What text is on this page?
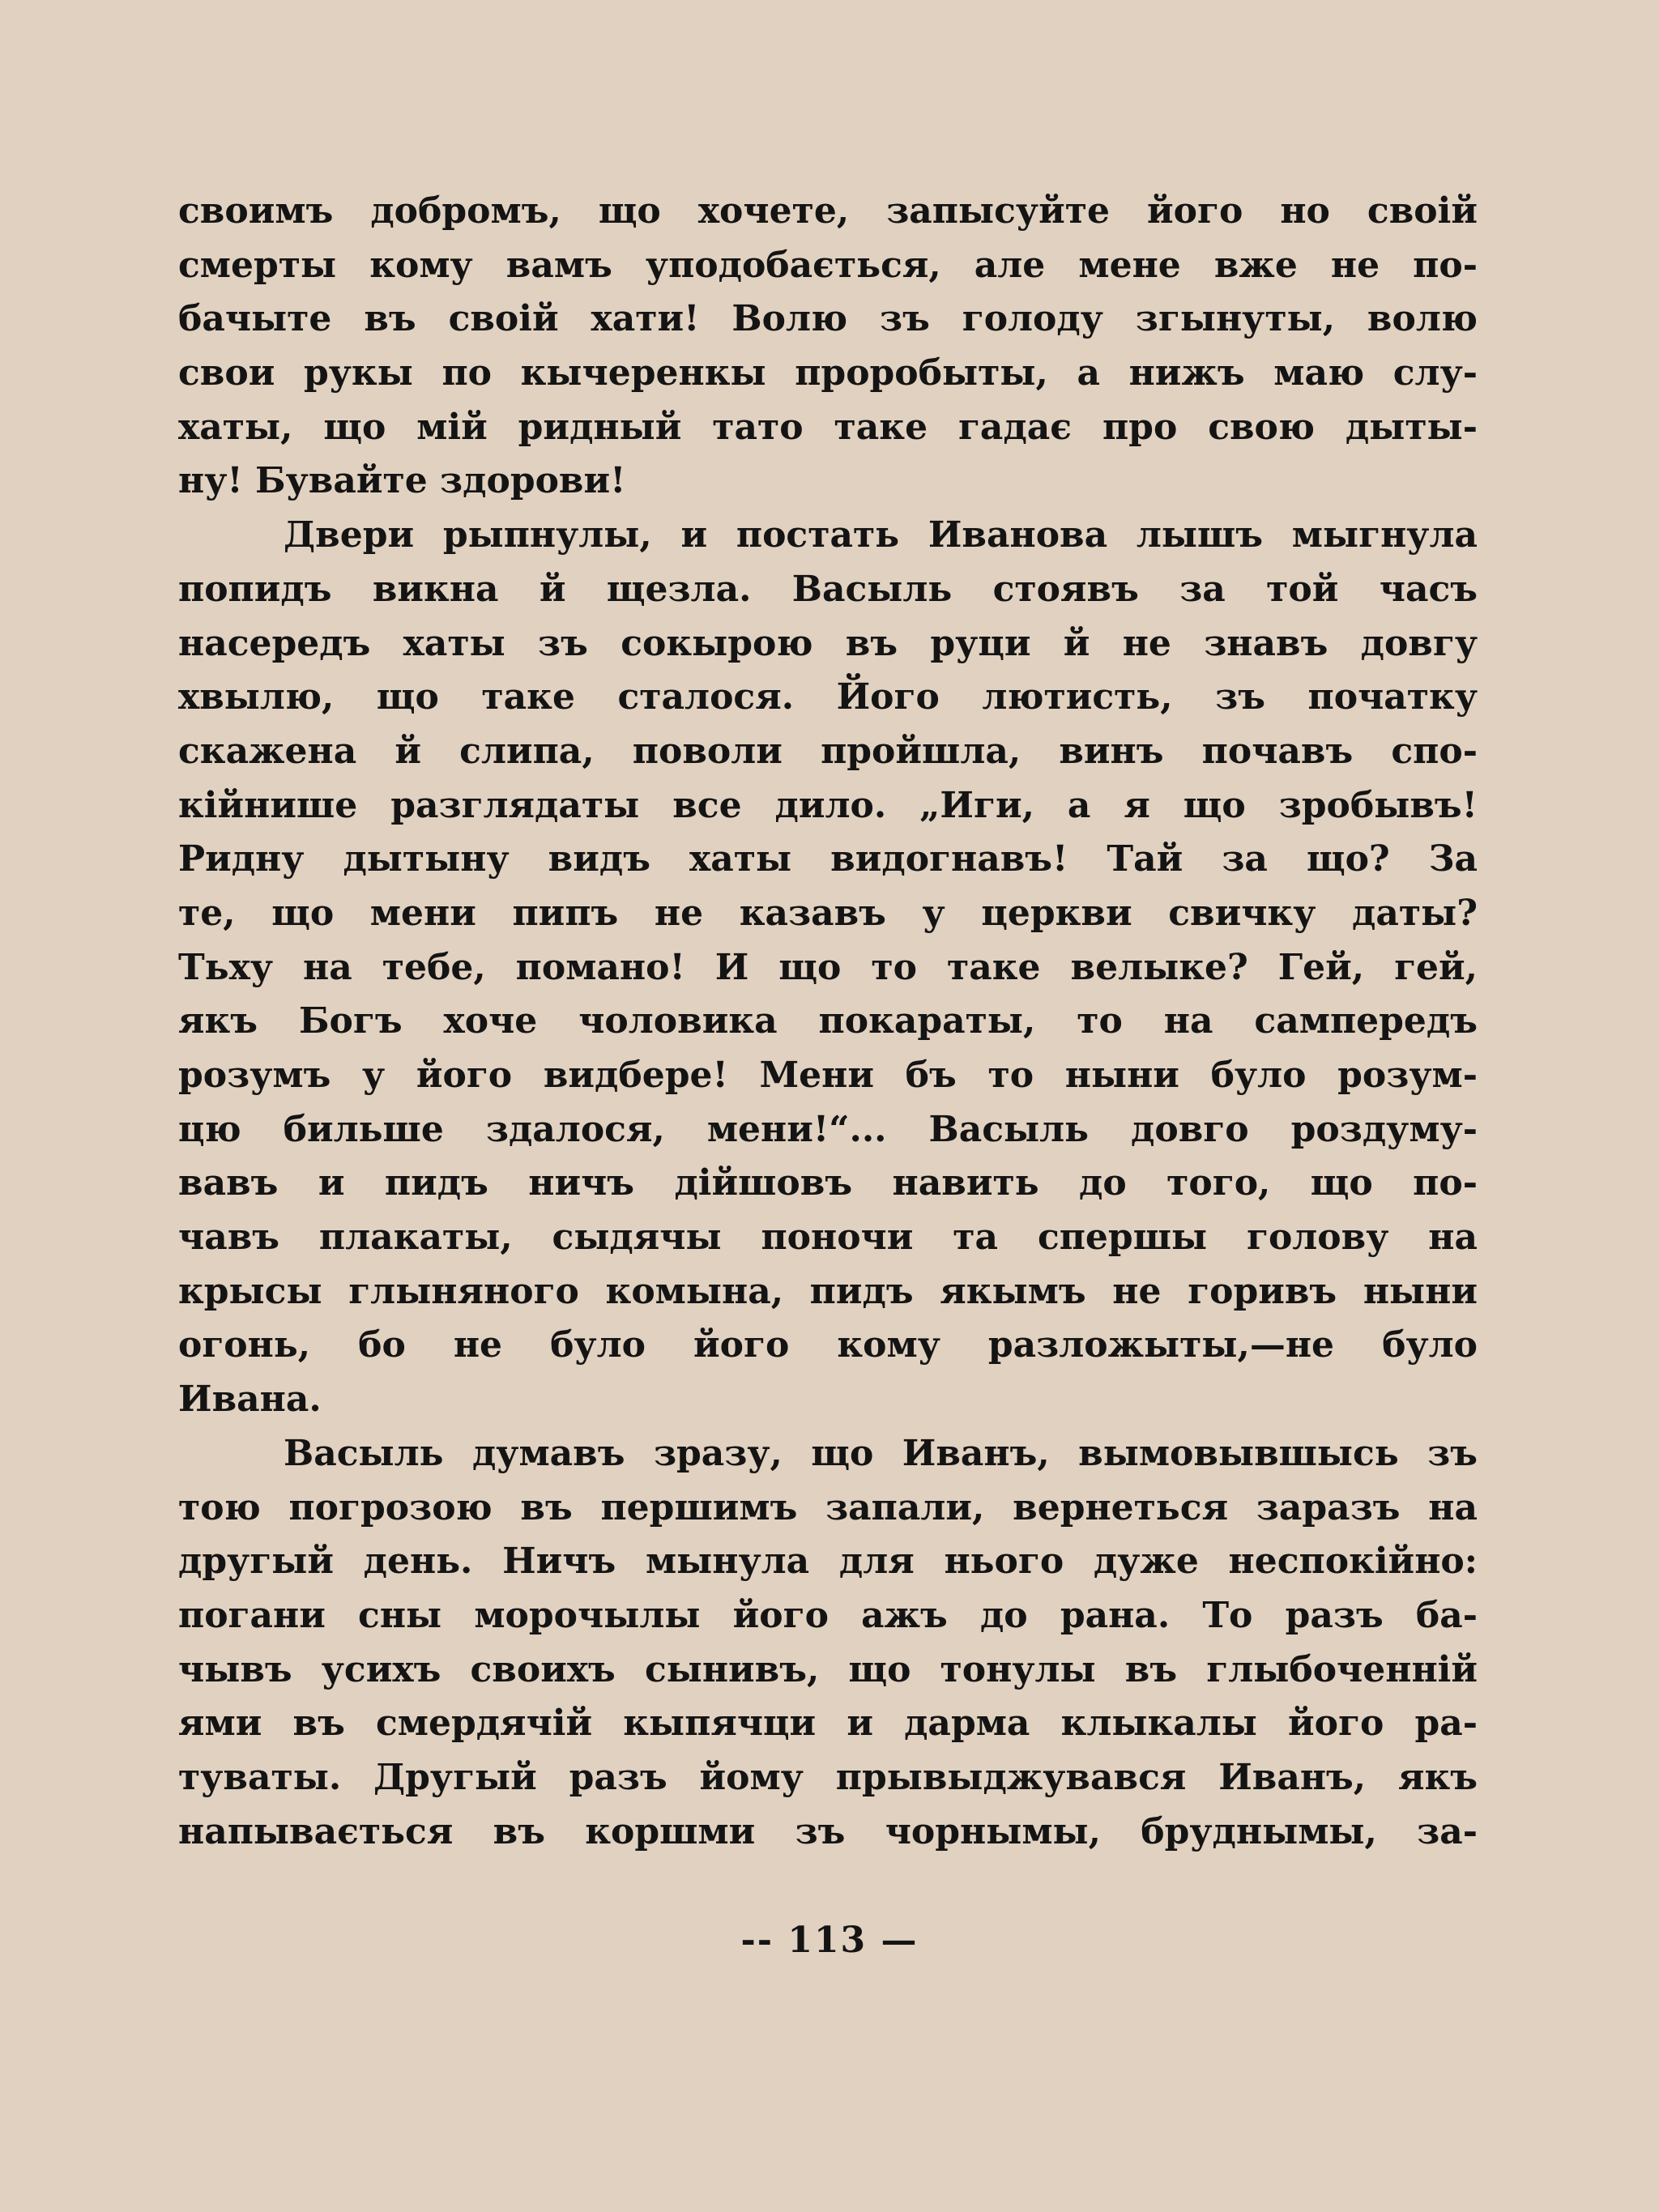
своимъ добромъ, що хочете, запысуйте його но своій
смерты кому вамъ уподобається, але мене вже не по-
бачыте въ своій хати! Волю зъ голоду згынуты, волю
свои рукы по кычеренкы проробыты, а нижъ маю слу-
хаты, що мій ридный тато таке гадає про свою дыты-
ну! Бувайте здорови!
Двери рыпнулы, и постать Иванова лышъ мыгнула
попидъ викна й щезла. Васыль стоявъ за той часъ
насередъ хаты зъ сокырою въ руци й не знавъ довгу
хвылю, що таке сталося. Його лютисть, зъ початку
скажена й слипа, поволи пройшла, винъ почавъ спо-
кійнише разглядаты все дило. „Иги, а я що зробывъ!
Ридну дытыну видъ хаты видогнавъ! Тай за що? За
те, що мени пипъ не казавъ у церкви свичку даты?
Тьху на тебе, помано! И що то таке велыке? Гей, гей,
якъ Богъ хоче чоловика покараты, то на самперeдъ
розумъ у його видбере! Мени бъ то ныни було розум-
цю бильше здалося, мени!“... Васыль довго роздуму-
вавъ и пидъ ничъ дійшовъ навить до того, що по-
чавъ плакаты, сыдячы поночи та спершы голову на
крысы глыняного комына, пидъ якымъ не горивъ ныни
огонь, бо не було його кому разложыты,—не було
Ивана.
Васыль думавъ зразу, що Иванъ, вымовывшысь зъ
тою погрозою въ першимъ запали, вернеться заразъ на
другый день. Ничъ мынула для нього дуже неспокійно:
погани сны морочылы його ажъ до рана. То разъ ба-
чывъ усихъ своихъ сынивъ, що тонулы въ глыбоченній
ями въ смердячій кыпячци и дарма клыкалы його ра-
туваты. Другый разъ йому прывыджувався Иванъ, якъ
напывається въ коршми зъ чорнымы, бруднымы, за-
-- 113 —
